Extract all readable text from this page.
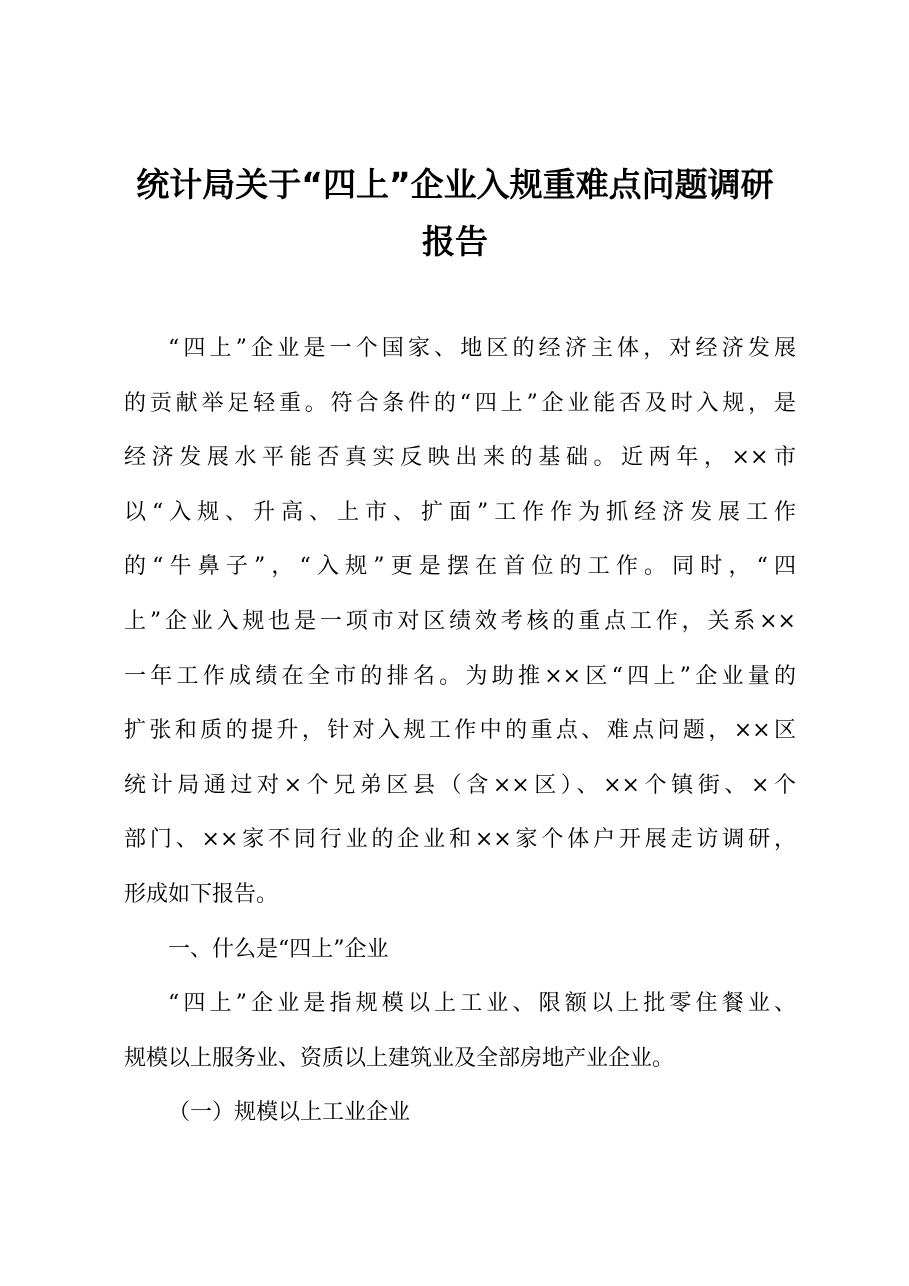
统计局关于“四上”企业入规重难点问题调研
报告
“四上”企业是一个国家、地区的经济主体，对经济发展
的贡献举足轻重。符合条件的“四上”企业能否及时入规，是
经济发展水平能否真实反映出来的基础。近两年，××市
以“入规、升高、上市、扩面”工作作为抓经济发展工作
的“牛鼻子”，“入规”更是摆在首位的工作。同时，“四
上”企业入规也是一项市对区绩效考核的重点工作，关系××
一年工作成绩在全市的排名。为助推××区“四上”企业量的
扩张和质的提升，针对入规工作中的重点、难点问题，××区
统计局通过对×个兄弟区县（含××区）、××个镇街、×个
部门、××家不同行业的企业和××家个体户开展走访调研，
形成如下报告。
一、什么是“四上”企业
“四上”企业是指规模以上工业、限额以上批零住餐业、
规模以上服务业、资质以上建筑业及全部房地产业企业。
（一）规模以上工业企业
